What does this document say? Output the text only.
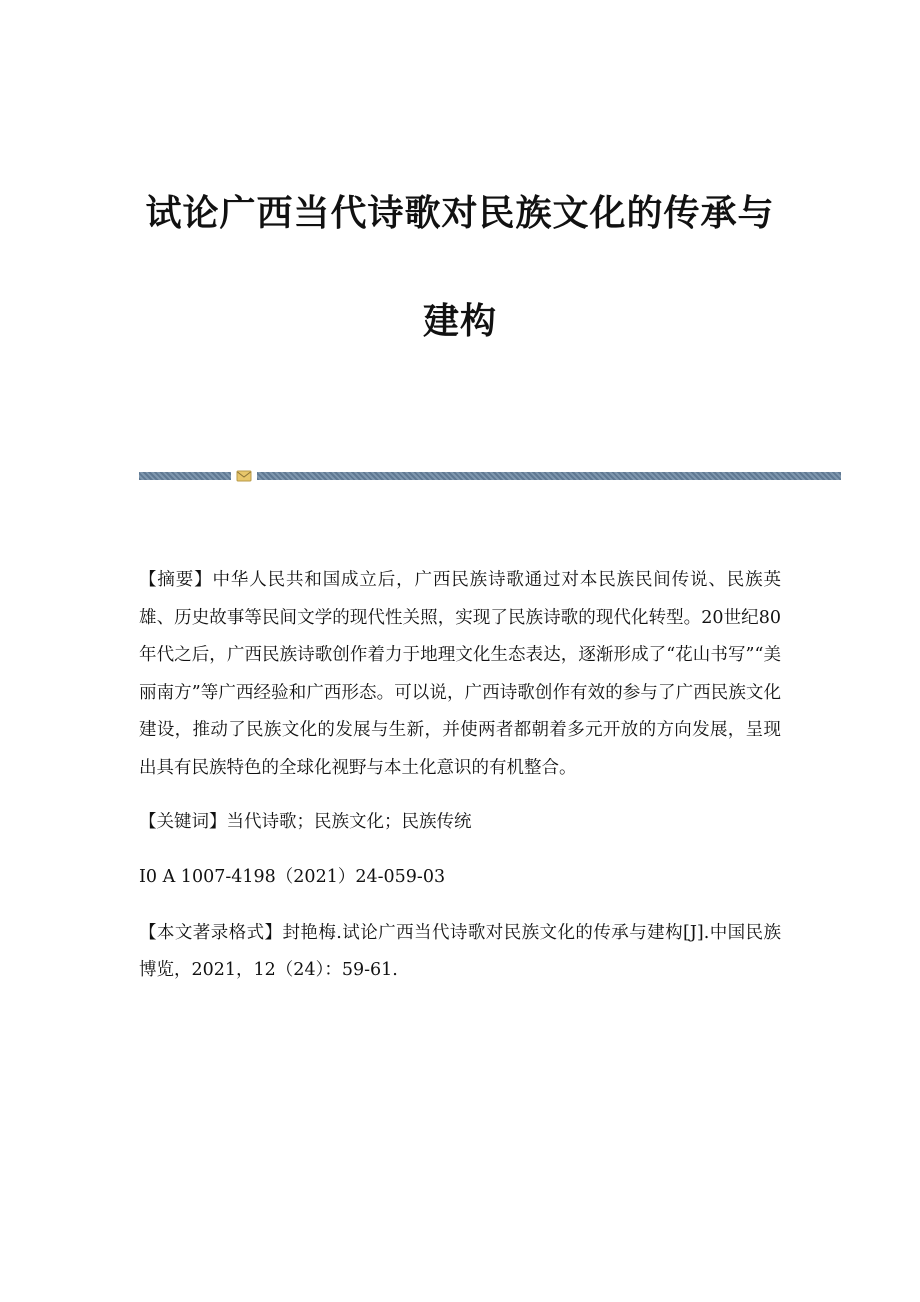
试论广西当代诗歌对民族文化的传承与
建构

【摘要】中华人民共和国成立后，广西民族诗歌通过对本民族民间传说、民族英雄、历史故事等民间文学的现代性关照，实现了民族诗歌的现代化转型。20世纪80年代之后，广西民族诗歌创作着力于地理文化生态表达，逐渐形成了“花山书写”“美丽南方”等广西经验和广西形态。可以说，广西诗歌创作有效的参与了广西民族文化建设，推动了民族文化的发展与生新，并使两者都朝着多元开放的方向发展，呈现出具有民族特色的全球化视野与本土化意识的有机整合。

【关键词】当代诗歌；民族文化；民族传统

I0 A 1007-4198（2021）24-059-03

【本文著录格式】封艳梅.试论广西当代诗歌对民族文化的传承与建构[J].中国民族博览，2021，12（24）：59-61.
